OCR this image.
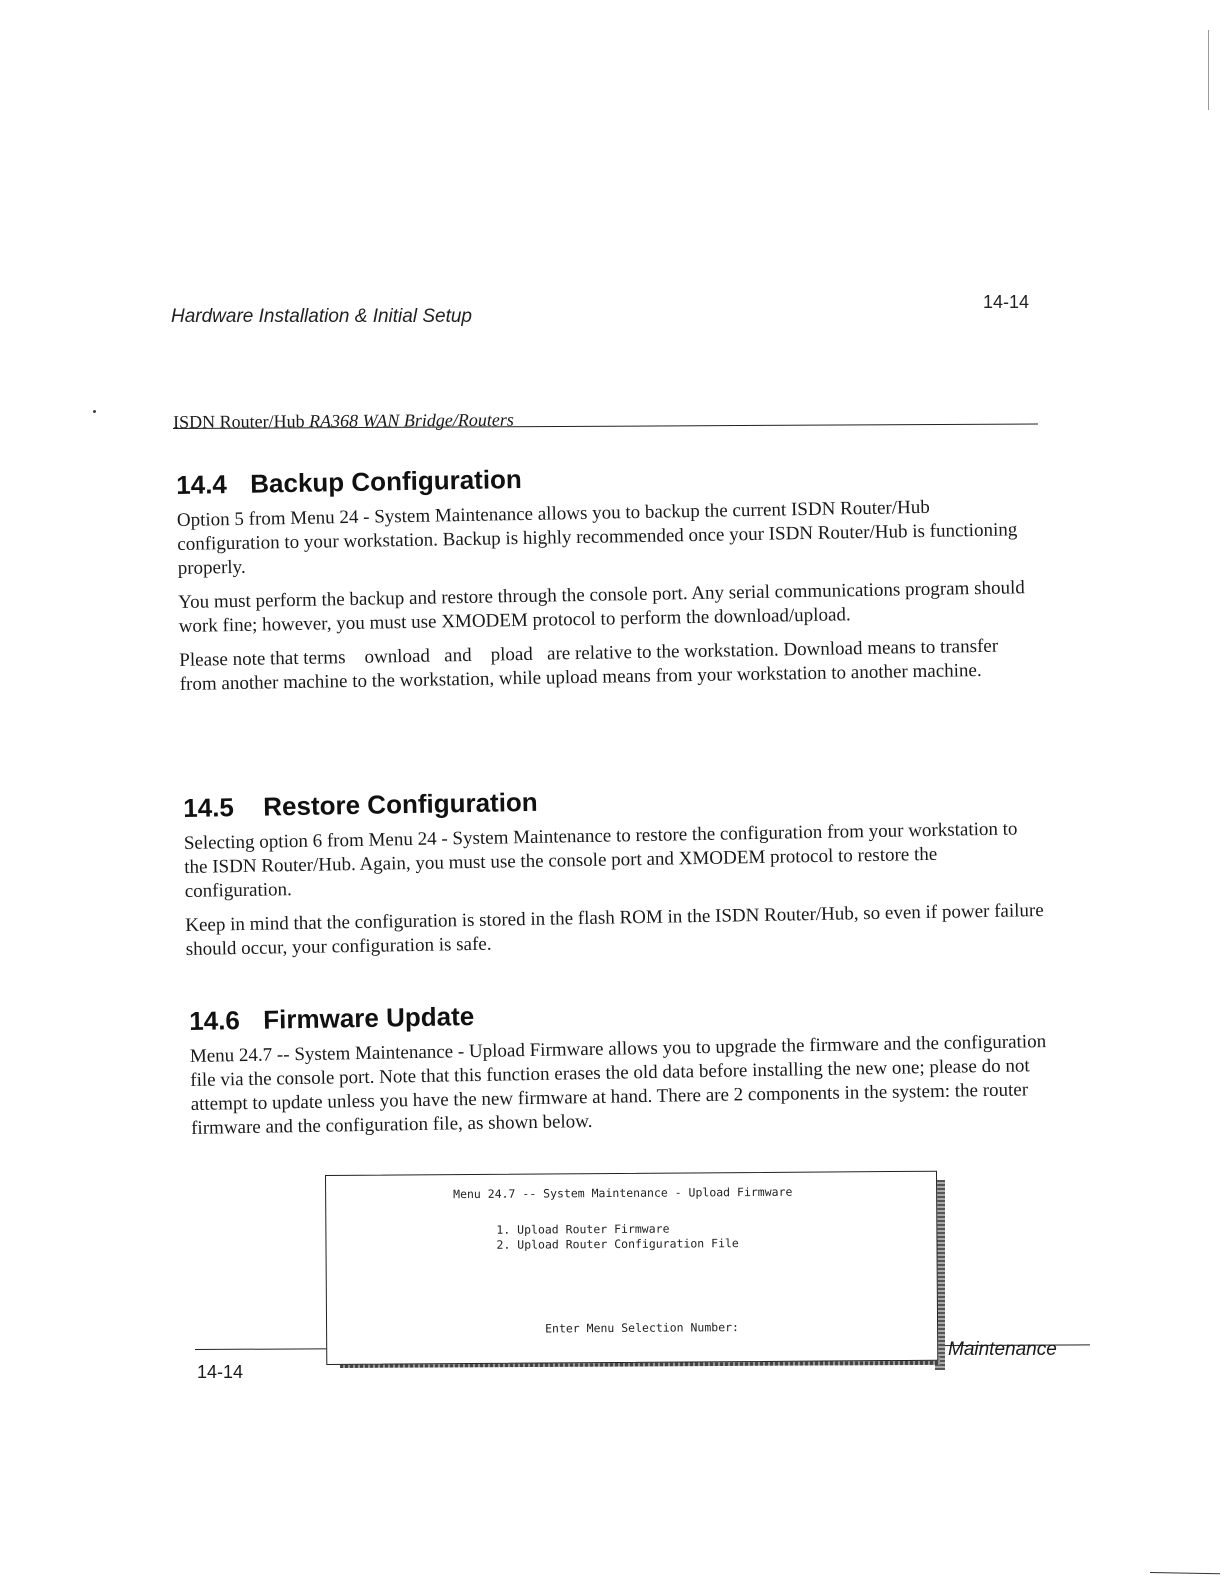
Hardware Installation & Initial Setup
14-14
ISDN Router/Hub RA368 WAN Bridge/Routers
14.4 Backup Configuration
Option 5 from Menu 24 - System Maintenance allows you to backup the current ISDN Router/Hub configuration to your workstation. Backup is highly recommended once your ISDN Router/Hub is functioning properly.
You must perform the backup and restore through the console port. Any serial communications program should work fine; however, you must use XMODEM protocol to perform the download/upload.
Please note that terms    ownload   and    pload   are relative to the workstation. Download means to transfer from another machine to the workstation, while upload means from your workstation to another machine.
14.5 Restore Configuration
Selecting option 6 from Menu 24 - System Maintenance to restore the configuration from your workstation to the ISDN Router/Hub. Again, you must use the console port and XMODEM protocol to restore the configuration.
Keep in mind that the configuration is stored in the flash ROM in the ISDN Router/Hub, so even if power failure should occur, your configuration is safe.
14.6 Firmware Update
Menu 24.7 -- System Maintenance - Upload Firmware allows you to upgrade the firmware and the configuration file via the console port. Note that this function erases the old data before installing the new one; please do not attempt to update unless you have the new firmware at hand. There are 2 components in the system: the router firmware and the configuration file, as shown below.
Menu 24.7 -- System Maintenance - Upload Firmware
1. Upload Router Firmware
2. Upload Router Configuration File
Enter Menu Selection Number:
14-14
Maintenance
